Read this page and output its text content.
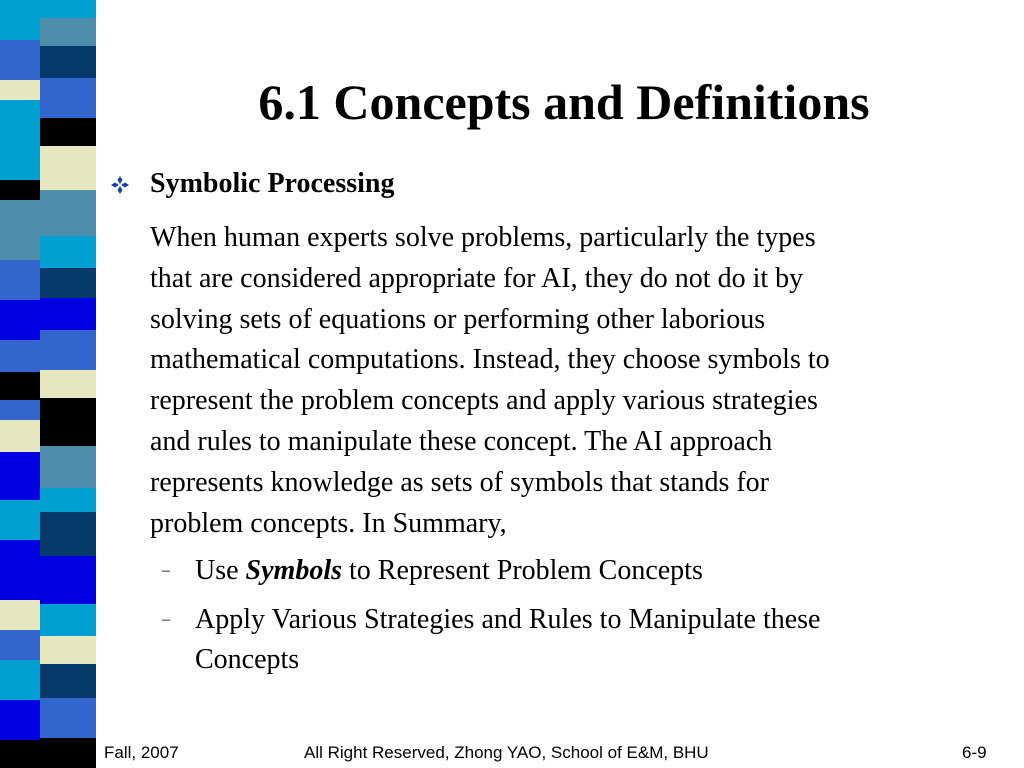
6.1 Concepts and Definitions
Symbolic Processing

When human experts solve problems, particularly the types
that are considered appropriate for AI, they do not do it by
solving sets of equations or performing other laborious
mathematical computations. Instead, they choose symbols to
represent the problem concepts and apply various strategies
and rules to manipulate these concept. The AI approach
represents knowledge as sets of symbols that stands for
problem concepts. In Summary,

– Use Symbols to Represent Problem Concepts
– Apply Various Strategies and Rules to Manipulate these
Concepts
Fall, 2007	All Right Reserved, Zhong YAO, School of E&M, BHU	6-9
